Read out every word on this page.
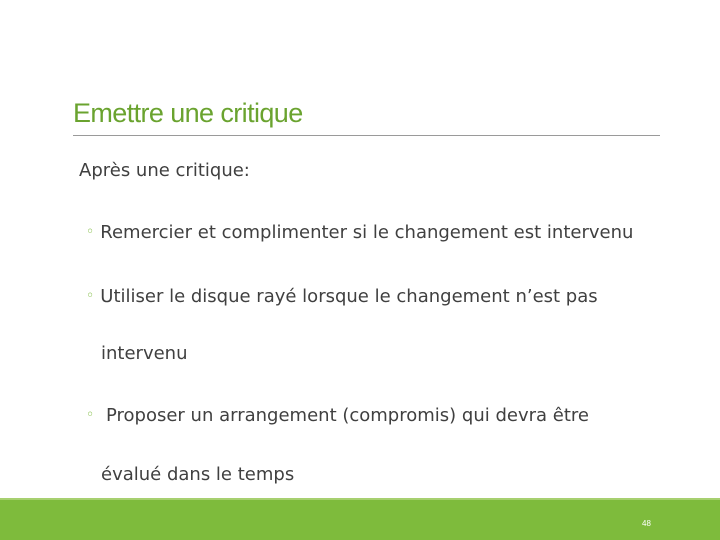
Emettre une critique
Après une critique:
◦ Remercier et complimenter si le changement est intervenu
◦ Utiliser le disque rayé lorsque le changement n’est pas
intervenu
◦ Proposer un arrangement (compromis) qui devra être
évalué dans le temps
48
